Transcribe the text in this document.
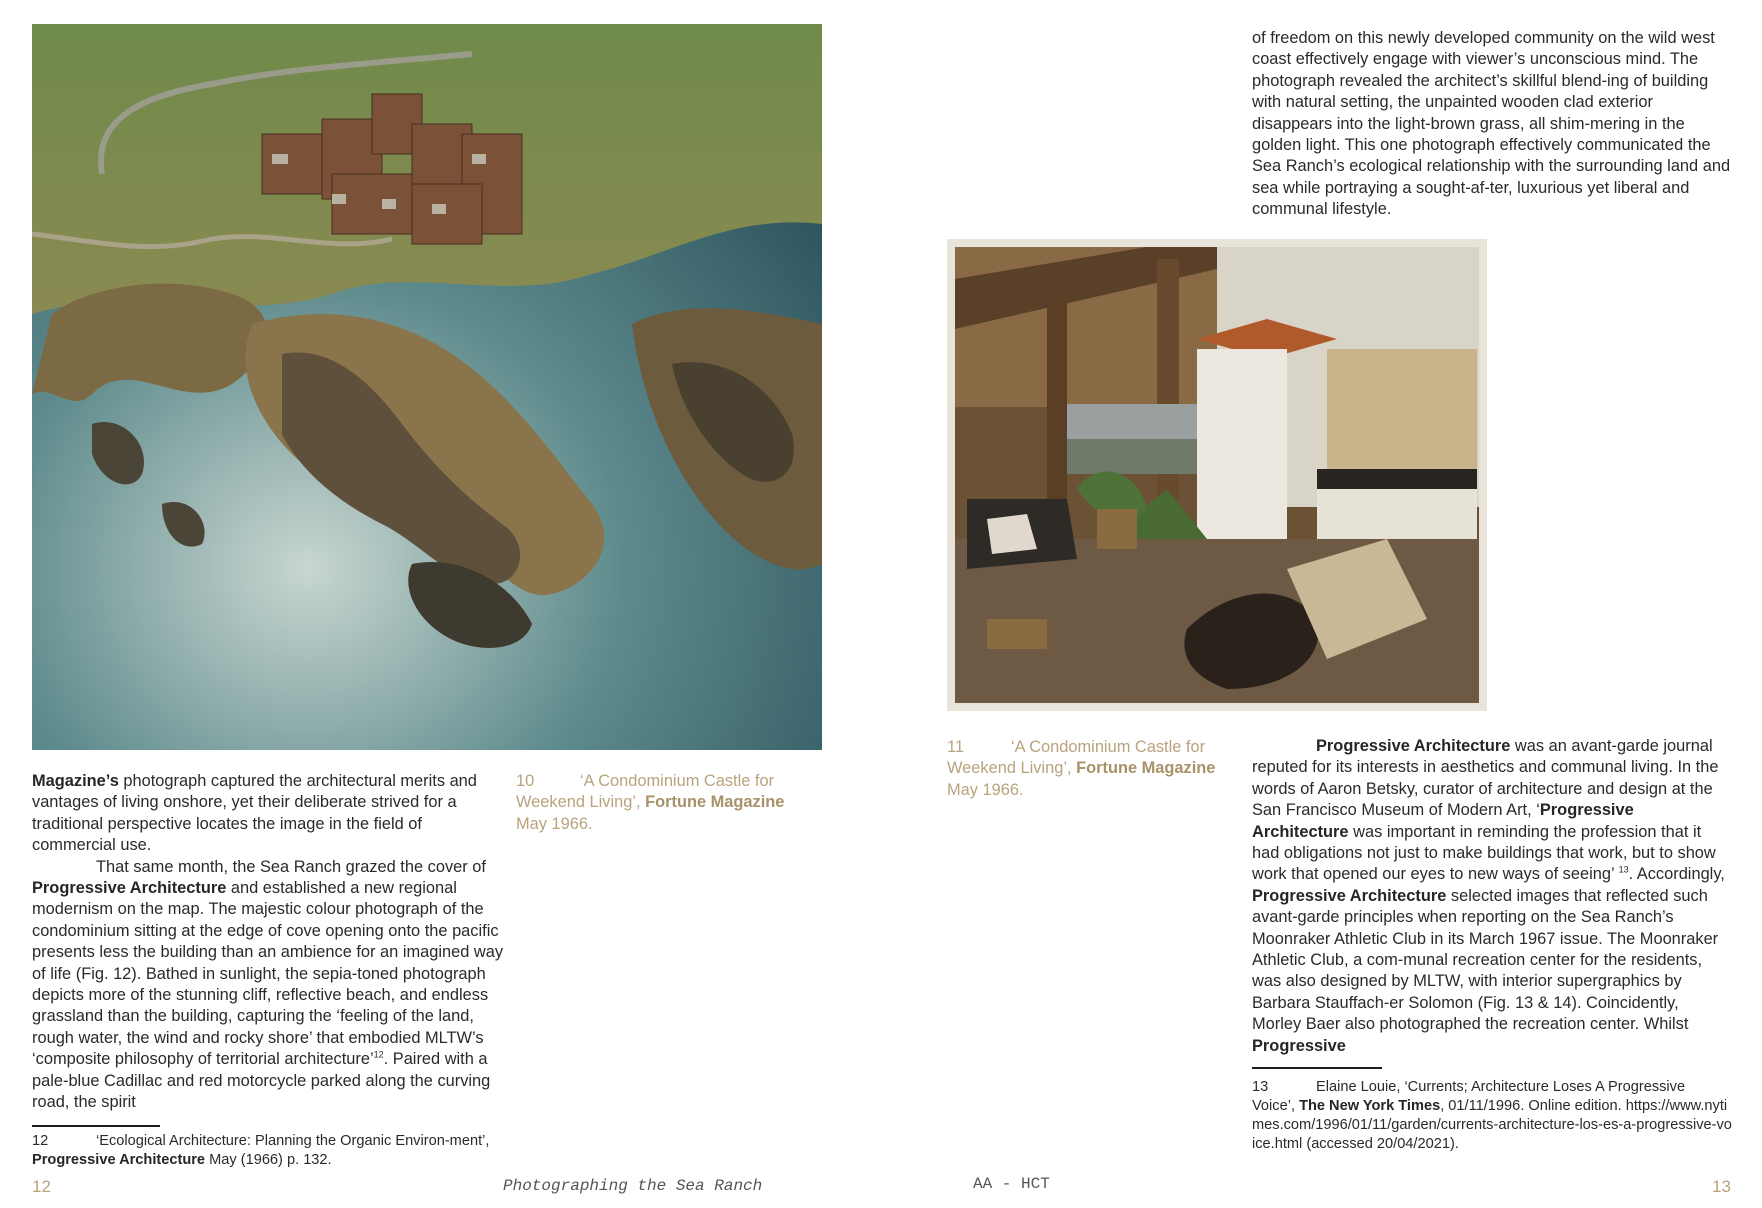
Magazine’s photograph captured the architectural merits and vantages of living onshore, yet their deliberate strived for a traditional perspective locates the image in the field of commercial use.

That same month, the Sea Ranch grazed the cover of Progressive Architecture and established a new regional modernism on the map. The majestic colour photograph of the condominium sitting at the edge of cove opening onto the pacific presents less the building than an ambience for an imagined way of life (Fig. 12). Bathed in sunlight, the sepia-toned photograph depicts more of the stunning cliff, reflective beach, and endless grassland than the building, capturing the ‘feeling of the land, rough water, the wind and rocky shore’ that embodied MLTW’s ‘composite philosophy of territorial architecture’$^{12}$. Paired with a pale-blue Cadillac and red motorcycle parked along the curving road, the spirit

10	‘A Condominium Castle for Weekend Living’, Fortune Magazine May 1966.
12	‘Ecological Architecture: Planning the Organic Environ-ment’, Progressive Architecture May (1966) p. 132.
12	Photographing the Sea Ranch

of freedom on this newly developed community on the wild west coast effectively engage with viewer’s unconscious mind. The photograph revealed the architect’s skillful blend-ing of building with natural setting, the unpainted wooden clad exterior disappears into the light-brown grass, all shim-mering in the golden light. This one photograph effectively communicated the Sea Ranch’s ecological relationship with the surrounding land and sea while portraying a sought-af-ter, luxurious yet liberal and communal lifestyle.

11	‘A Condominium Castle for Weekend Living’, Fortune Magazine May 1966.

Progressive Architecture was an avant-garde journal reputed for its interests in aesthetics and communal living. In the words of Aaron Betsky, curator of architecture and design at the San Francisco Museum of Modern Art, ‘Progressive Architecture was important in reminding the profession that it had obligations not just to make buildings that work, but to show work that opened our eyes to new ways of seeing’ $^{13}$. Accordingly, Progressive Architecture selected images that reflected such avant-garde principles when reporting on the Sea Ranch’s Moonraker Athletic Club in its March 1967 issue. The Moonraker Athletic Club, a com-munal recreation center for the residents, was also designed by MLTW, with interior supergraphics by Barbara Stauffach-er Solomon (Fig. 13 & 14). Coincidently, Morley Baer also photographed the recreation center. Whilst Progressive

13	Elaine Louie, ‘Currents; Architecture Loses A Progressive Voice’, The New York Times, 01/11/1996. Online edition. https://www.nytimes.com/1996/01/11/garden/currents-architecture-los-es-a-progressive-voice.html (accessed 20/04/2021).
AA - HCT	13
